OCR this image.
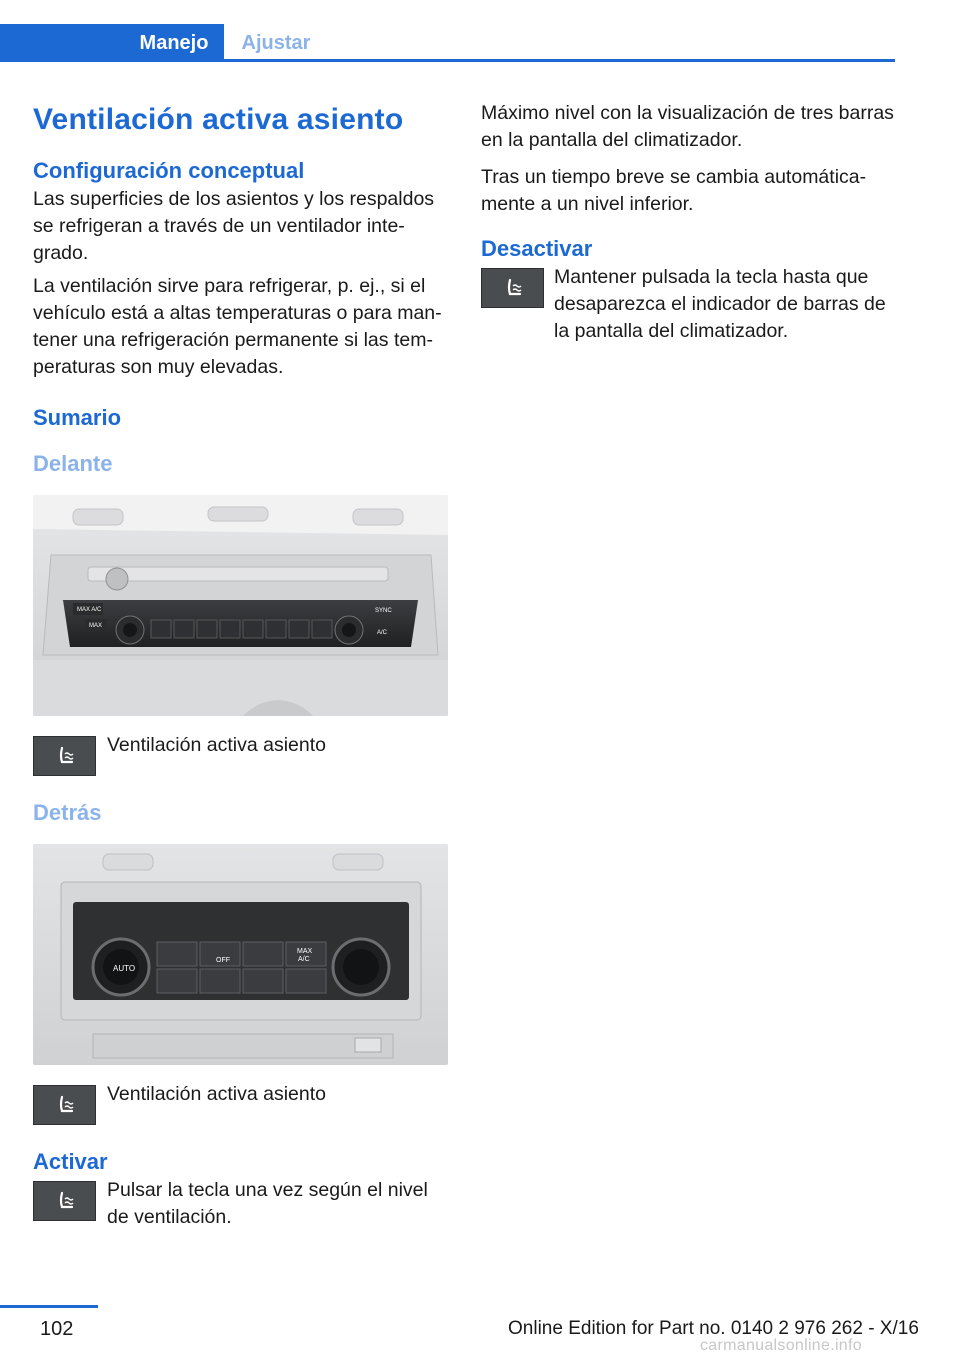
Manejo	Ajustar
Ventilación activa asiento
Configuración conceptual

Las superficies de los asientos y los respaldos se refrigeran a través de un ventilador inte‐grado.

La ventilación sirve para refrigerar, p. ej., si el vehículo está a altas temperaturas o para man‐tener una refrigeración permanente si las tem‐peraturas son muy elevadas.

Sumario
Delante
MAX A/C
MAX
SYNC
A/C

Ventilación activa asiento

Detrás
AUTO
OFF
MAX
A/C

Ventilación activa asiento

Activar

Pulsar la tecla una vez según el nivel de ventilación.

Máximo nivel con la visualización de tres barras en la pantalla del climatizador.

Tras un tiempo breve se cambia automática‐mente a un nivel inferior.

Desactivar

Mantener pulsada la tecla hasta que desaparezca el indicador de barras de la pantalla del climatizador.

102	Online Edition for Part no. 0140 2 976 262 - X/16
carmanualsonline.info
